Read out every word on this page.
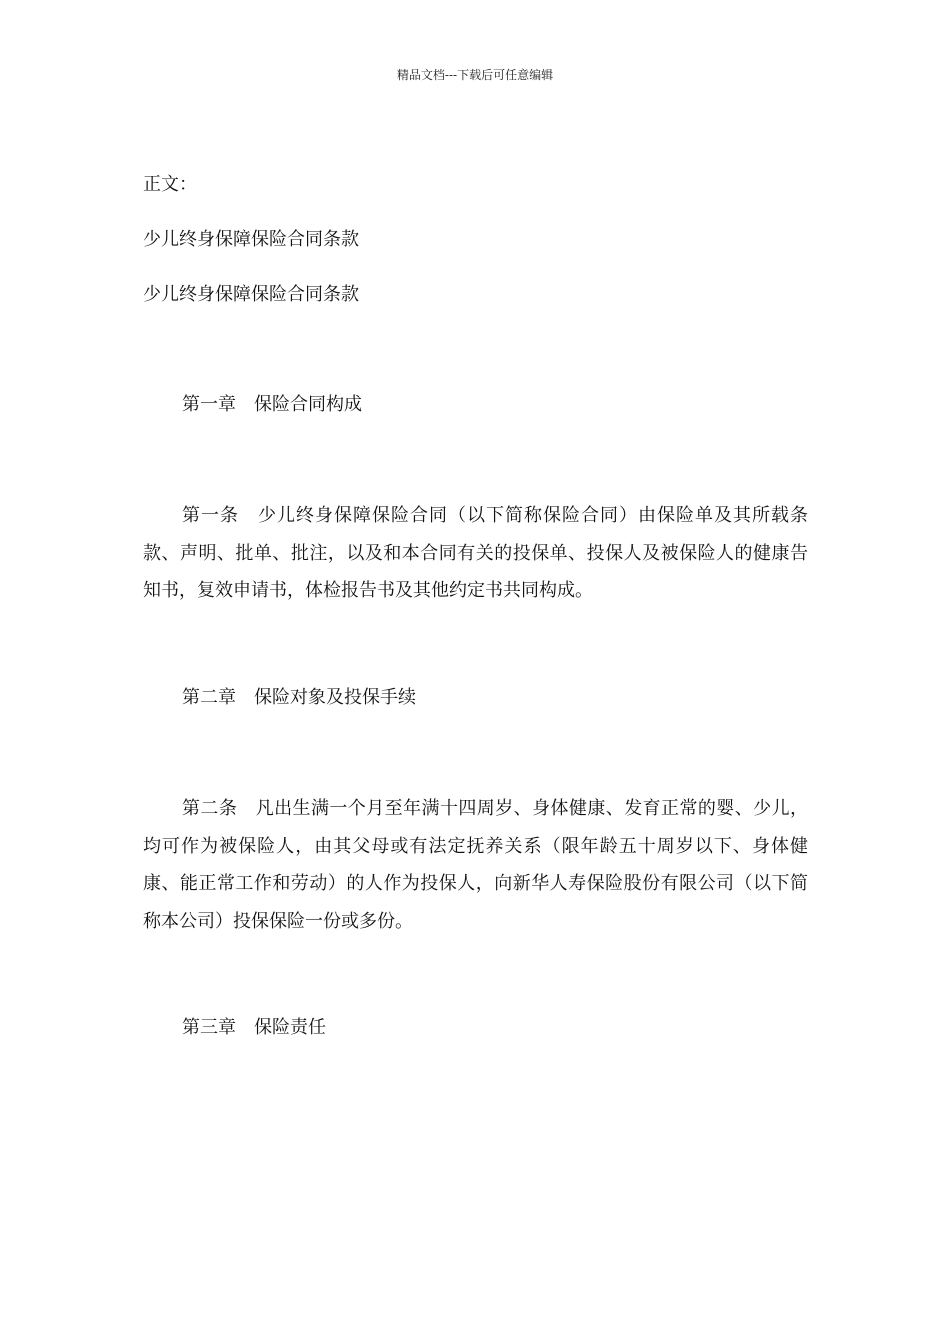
精品文档---下载后可任意编辑

正文：

少儿终身保障保险合同条款

少儿终身保障保险合同条款

第一章 保险合同构成

第一条 少儿终身保障保险合同（以下简称保险合同）由保险单及其所载条款、声明、批单、批注，以及和本合同有关的投保单、投保人及被保险人的健康告知书，复效申请书，体检报告书及其他约定书共同构成。

第二章 保险对象及投保手续

第二条 凡出生满一个月至年满十四周岁、身体健康、发育正常的婴、少儿，均可作为被保险人，由其父母或有法定抚养关系（限年龄五十周岁以下、身体健康、能正常工作和劳动）的人作为投保人，向新华人寿保险股份有限公司（以下简称本公司）投保保险一份或多份。

第三章 保险责任
